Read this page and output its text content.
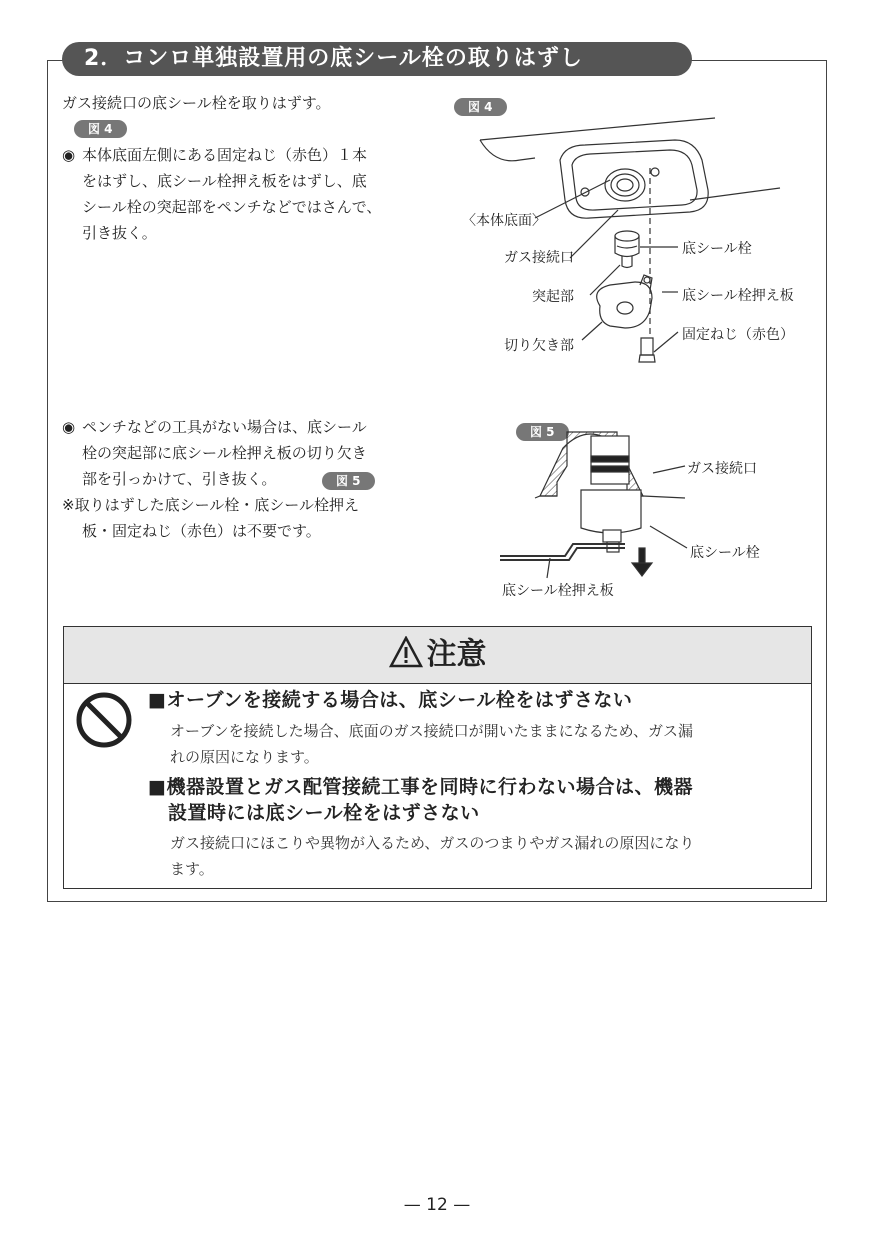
2．コンロ単独設置用の底シール栓の取りはずし
ガス接続口の底シール栓を取りはずす。
図 4
◉ 本体底面左側にある固定ねじ（赤色）１本
をはずし、底シール栓押え板をはずし、底
シール栓の突起部をペンチなどではさんで、
引き抜く。
◉ ペンチなどの工具がない場合は、底シール
栓の突起部に底シール栓押え板の切り欠き
部を引っかけて、引き抜く。	図 5
※取りはずした底シール栓・底シール栓押え
板・固定ねじ（赤色）は不要です。
図 4
〈本体底面〉
ガス接続口
底シール栓
突起部	底シール栓押え板
切り欠き部
固定ねじ（赤色）
図 5
ガス接続口
底シール栓
底シール栓押え板
注意
■オーブンを接続する場合は、底シール栓をはずさない
オーブンを接続した場合、底面のガス接続口が開いたままになるため、ガス漏
れの原因になります。
■機器設置とガス配管接続工事を同時に行わない場合は、機器
設置時には底シール栓をはずさない
ガス接続口にほこりや異物が入るため、ガスのつまりやガス漏れの原因になり
ます。
— 12 —
